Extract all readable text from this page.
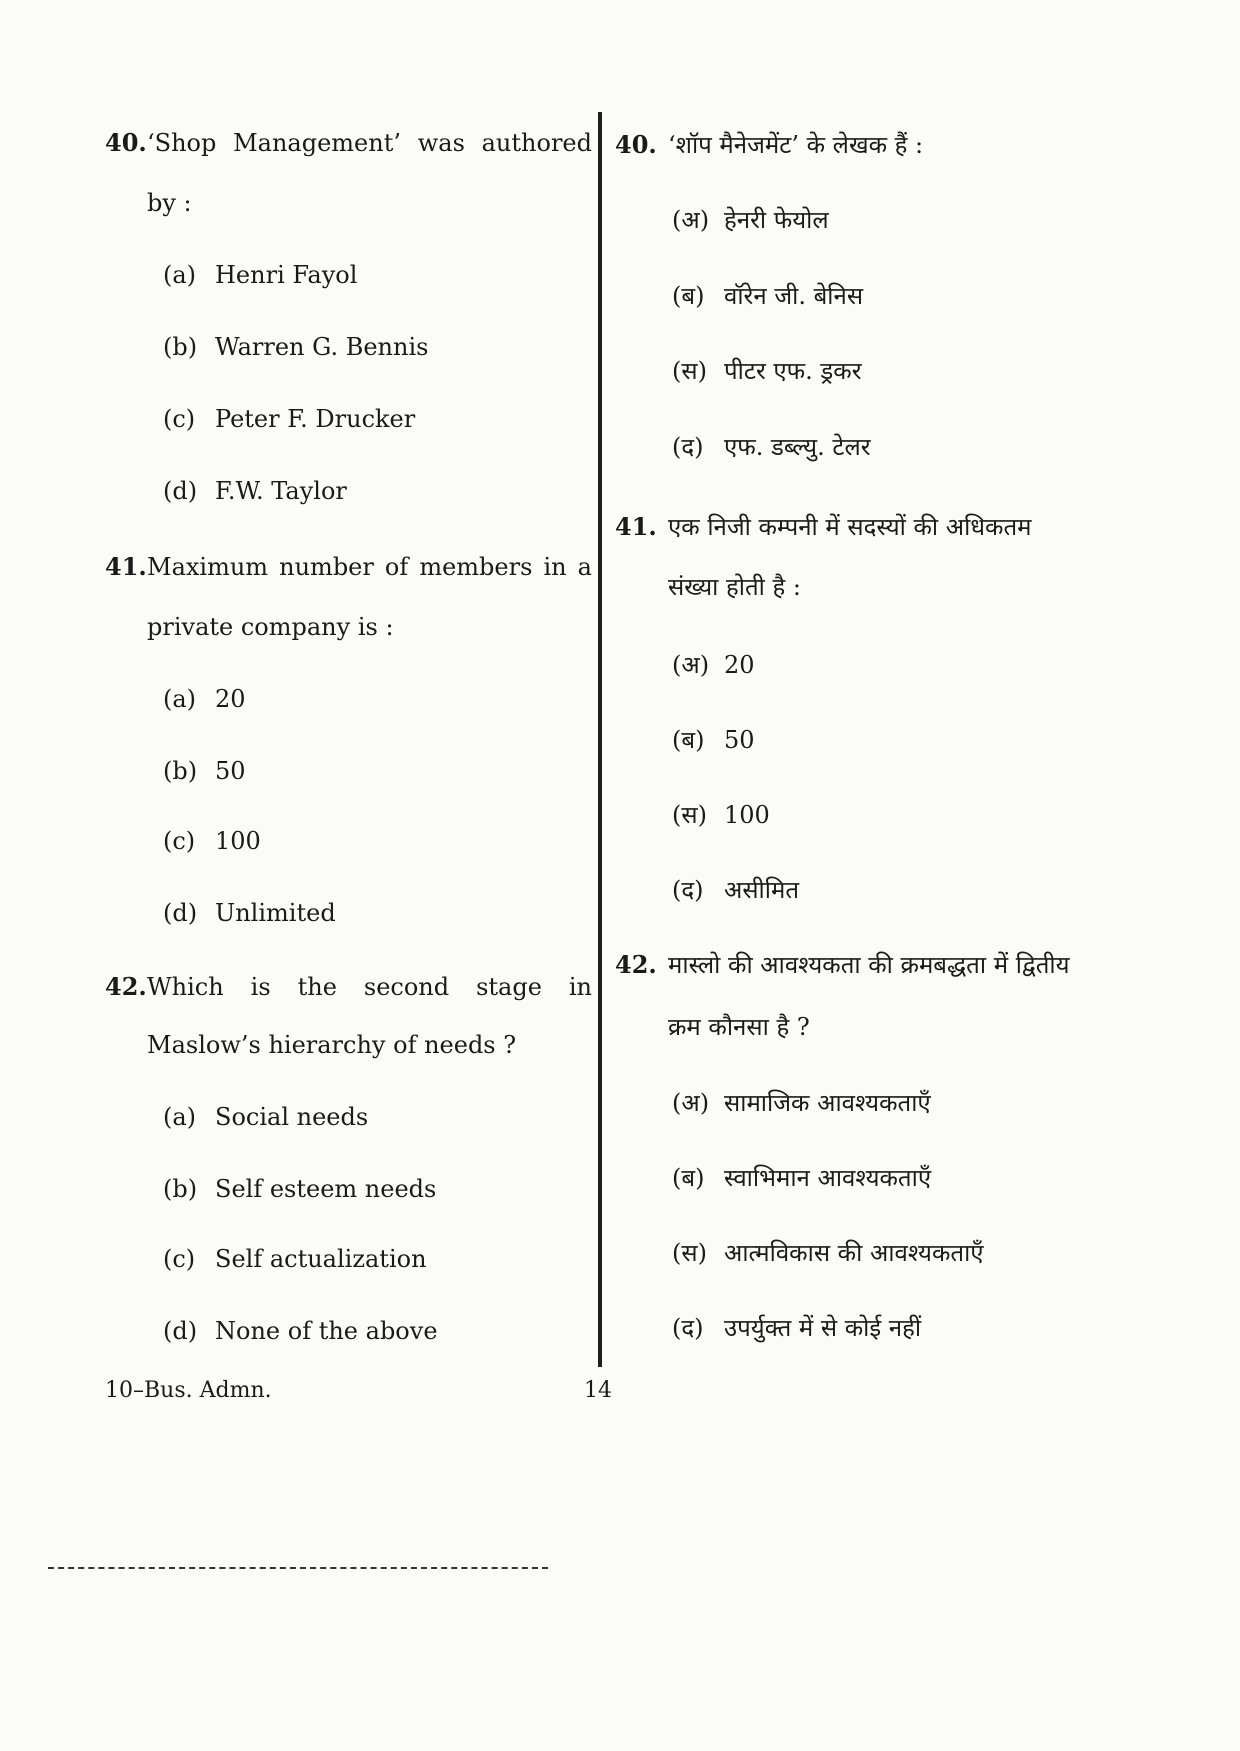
40. ‘Shop Management’ was authored
by :
(a) Henri Fayol
(b) Warren G. Bennis
(c) Peter F. Drucker
(d) F.W. Taylor
41. Maximum number of members in a
private company is :
(a) 20
(b) 50
(c) 100
(d) Unlimited
42. Which is the second stage in
Maslow’s hierarchy of needs ?
(a) Social needs
(b) Self esteem needs
(c) Self actualization
(d) None of the above
40. ‘शॉप मैनेजमेंट’ के लेखक हैं :
(अ) हेनरी फेयोल
(ब) वॉरेन जी. बेनिस
(स) पीटर एफ. ड्रकर
(द) एफ. डब्ल्यु. टेलर
41. एक निजी कम्पनी में सदस्यों की अधिकतम
संख्या होती है :
(अ) 20
(ब) 50
(स) 100
(द) असीमित
42. मास्लो की आवश्यकता की क्रमबद्धता में द्वितीय
क्रम कौनसा है ?
(अ) सामाजिक आवश्यकताएँ
(ब) स्वाभिमान आवश्यकताएँ
(स) आत्मविकास की आवश्यकताएँ
(द) उपर्युक्त में से कोई नहीं
10–Bus. Admn.	14
